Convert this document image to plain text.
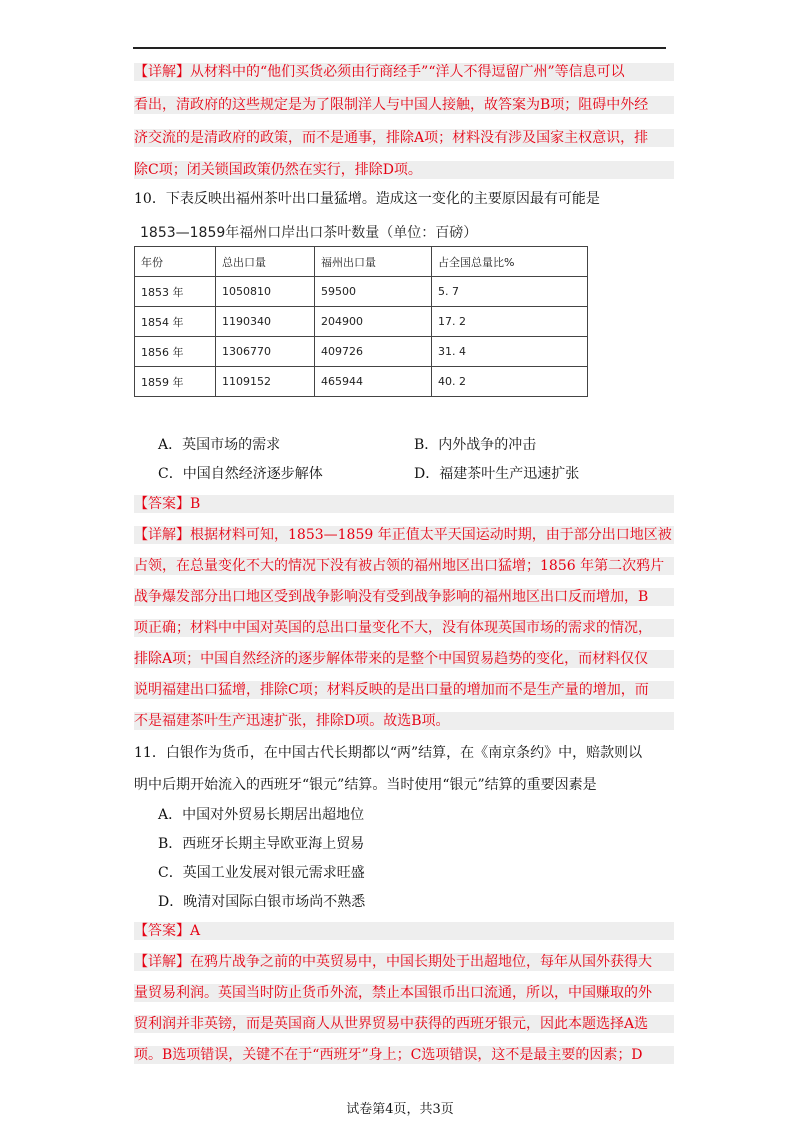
【详解】从材料中的“他们买货必须由行商经手”“洋人不得逗留广州”等信息可以
看出，清政府的这些规定是为了限制洋人与中国人接触，故答案为B项；阻碍中外经
济交流的是清政府的政策，而不是通事，排除A项；材料没有涉及国家主权意识，排
除C项；闭关锁国政策仍然在实行，排除D项。
10．下表反映出福州茶叶出口量猛增。造成这一变化的主要原因最有可能是
1853—1859年福州口岸出口茶叶数量（单位：百磅）
年份	总出口量	福州出口量	占全国总量比%
1853 年	1050810	59500	5. 7
1854 年	1190340	204900	17. 2
1856 年	1306770	409726	31. 4
1859 年	1109152	465944	40. 2
A．英国市场的需求	B．内外战争的冲击
C．中国自然经济逐步解体	D．福建茶叶生产迅速扩张
【答案】B
【详解】根据材料可知，1853—1859 年正值太平天国运动时期，由于部分出口地区被
占领，在总量变化不大的情况下没有被占领的福州地区出口猛增；1856 年第二次鸦片
战争爆发部分出口地区受到战争影响没有受到战争影响的福州地区出口反而增加，B
项正确；材料中中国对英国的总出口量变化不大，没有体现英国市场的需求的情况，
排除A项；中国自然经济的逐步解体带来的是整个中国贸易趋势的变化，而材料仅仅
说明福建出口猛增，排除C项；材料反映的是出口量的增加而不是生产量的增加，而
不是福建茶叶生产迅速扩张，排除D项。故选B项。
11．白银作为货币，在中国古代长期都以“两”结算，在《南京条约》中，赔款则以
明中后期开始流入的西班牙“银元”结算。当时使用“银元”结算的重要因素是
A．中国对外贸易长期居出超地位
B．西班牙长期主导欧亚海上贸易
C．英国工业发展对银元需求旺盛
D．晚清对国际白银市场尚不熟悉
【答案】A
【详解】在鸦片战争之前的中英贸易中，中国长期处于出超地位，每年从国外获得大
量贸易利润。英国当时防止货币外流，禁止本国银币出口流通，所以，中国赚取的外
贸利润并非英镑，而是英国商人从世界贸易中获得的西班牙银元，因此本题选择A选
项。B选项错误，关键不在于“西班牙”身上；C选项错误，这不是最主要的因素；D
试卷第4页，共3页
